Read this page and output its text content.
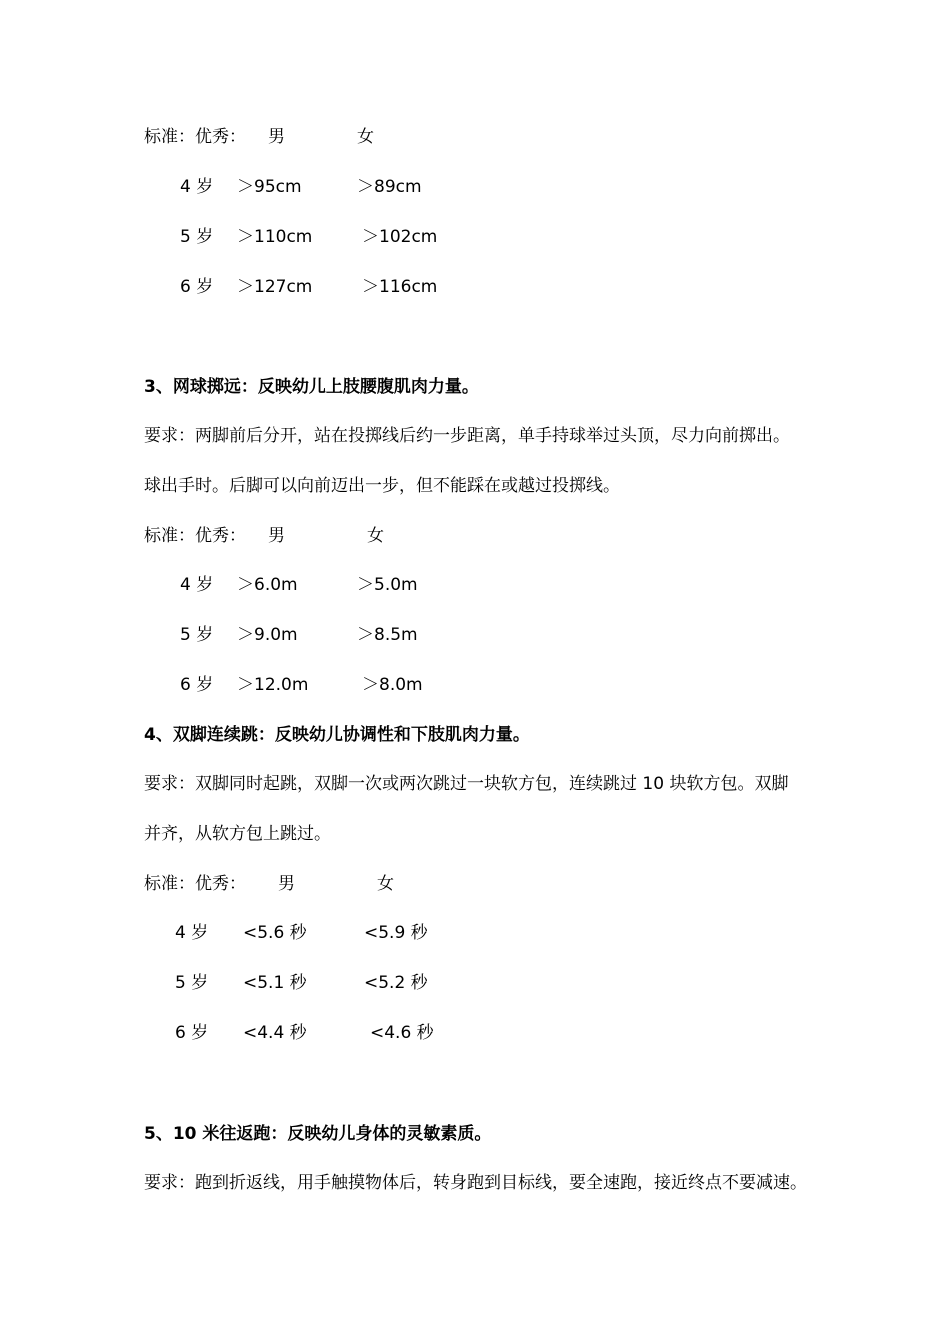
标准：优秀： 男	女
4 岁 ＞95cm	＞89cm
5 岁 ＞110cm	＞102cm
6 岁 ＞127cm	＞116cm
3、网球掷远：反映幼儿上肢腰腹肌肉力量。
要求：两脚前后分开，站在投掷线后约一步距离，单手持球举过头顶，尽力向前掷出。
球出手时。后脚可以向前迈出一步，但不能踩在或越过投掷线。
标准：优秀： 男	女
4 岁 ＞6.0m	＞5.0m
5 岁 ＞9.0m	＞8.5m
6 岁 ＞12.0m	＞8.0m
4、双脚连续跳：反映幼儿协调性和下肢肌肉力量。
要求：双脚同时起跳，双脚一次或两次跳过一块软方包，连续跳过 10 块软方包。双脚
并齐，从软方包上跳过。
标准：优秀： 男	女
4 岁 <5.6 秒	<5.9 秒
5 岁 <5.1 秒	<5.2 秒
6 岁 <4.4 秒	<4.6 秒
5、10 米往返跑：反映幼儿身体的灵敏素质。
要求：跑到折返线，用手触摸物体后，转身跑到目标线，要全速跑，接近终点不要减速。
